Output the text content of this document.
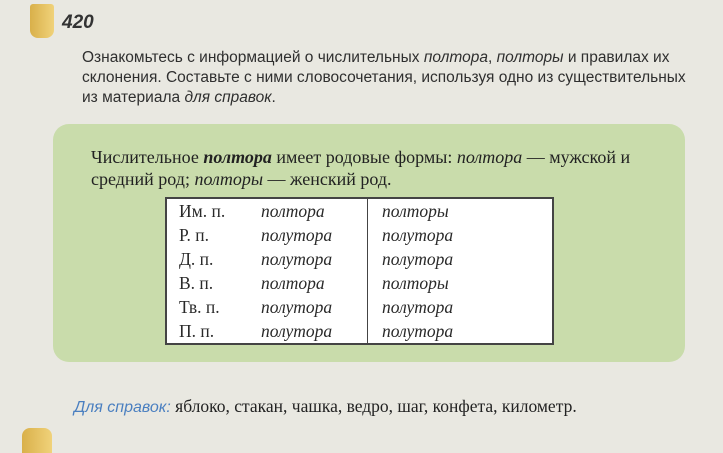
420
Ознакомьтесь с информацией о числительных полтора, полторы и правилах их склонения. Составьте с ними словосочетания, используя одно из существительных из материала для справок.
Числительное полтора имеет родовые формы: полтора — мужской и средний род; полторы — женский род.
Им. п.	полтора	полторы
Р. п.	полутора	полутора
Д. п.	полутора	полутора
В. п.	полтора	полторы
Тв. п.	полутора	полутора
П. п.	полутора	полутора
Для справок: яблоко, стакан, чашка, ведро, шаг, конфета, километр.
